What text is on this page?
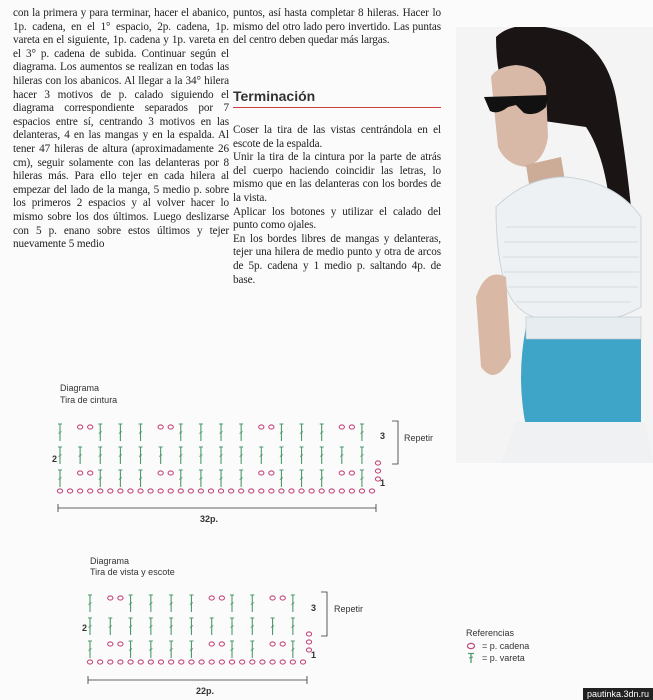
con la primera y para terminar, hacer el abanico, 1p. cadena, en el 1° espacio, 2p. cadena, 1p. vareta en el siguiente, 1p. cadena y 1p. vareta en el 3° p. cadena de subida. Continuar según el diagrama. Los aumentos se realizan en todas las hileras con los abanicos. Al llegar a la 34° hilera hacer 3 motivos de p. calado siguiendo el diagrama correspondiente separados por 7 espacios entre sí, centrando 3 motivos en las delanteras, 4 en las mangas y en la espalda. Al tener 47 hileras de altura (aproximadamente 26 cm), seguir solamente con las delanteras por 8 hileras más. Para ello tejer en cada hilera al empezar del lado de la manga, 5 medio p. sobre los primeros 2 espacios y al volver hacer lo mismo sobre los dos últimos. Luego deslizarse con 5 p. enano sobre estos últimos y tejer nuevamente 5 medio

puntos, así hasta completar 8 hileras. Hacer lo mismo del otro lado pero invertido. Las puntas del centro deben quedar más largas.

Terminación

Coser la tira de las vistas centrándola en el escote de la espalda.

Unir la tira de la cintura por la parte de atrás del cuerpo haciendo coincidir las letras, lo mismo que en las delanteras con los bordes de la vista.

Aplicar los botones y utilizar el calado del punto como ojales.

En los bordes libres de mangas y delanteras, tejer una hilera de medio punto y otra de arcos de 5p. cadena y 1 medio p. saltando 4p. de base.

Diagrama
Tira de cintura
3
2
1
Repetir
32p.
Diagrama
Tira de vista y escote
3
2
1
Repetir
22p.
Referencias
= p. cadena
= p. vareta
pautinka.3dn.ru
